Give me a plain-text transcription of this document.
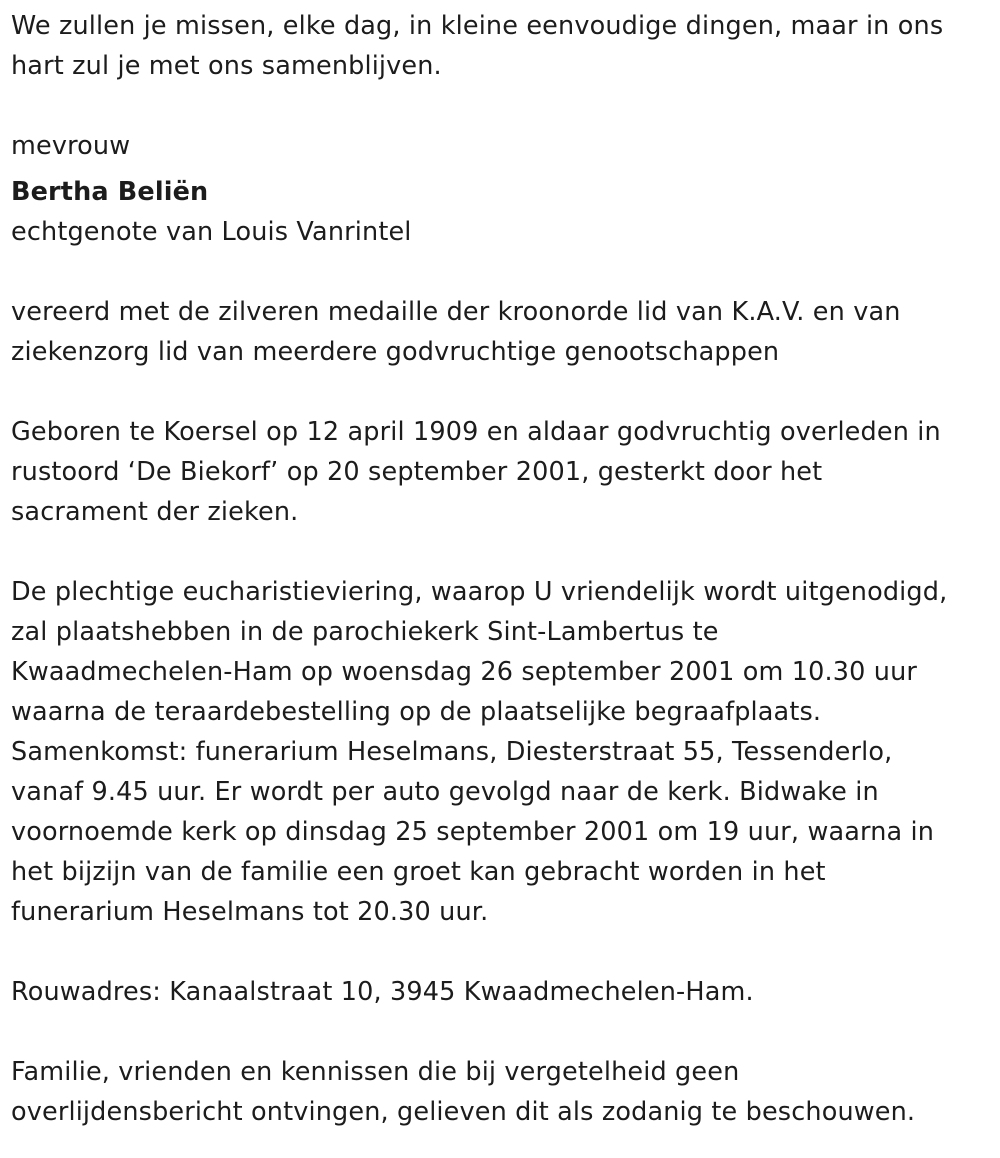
We zullen je missen, elke dag, in kleine eenvoudige dingen, maar in ons
hart zul je met ons samenblijven.

mevrouw

Bertha Beliën

echtgenote van Louis Vanrintel

vereerd met de zilveren medaille der kroonorde lid van K.A.V. en van
ziekenzorg lid van meerdere godvruchtige genootschappen

Geboren te Koersel op 12 april 1909 en aldaar godvruchtig overleden in
rustoord ‘De Biekorf’ op 20 september 2001, gesterkt door het
sacrament der zieken.

De plechtige eucharistieviering, waarop U vriendelijk wordt uitgenodigd,
zal plaatshebben in de parochiekerk Sint-Lambertus te
Kwaadmechelen-Ham op woensdag 26 september 2001 om 10.30 uur
waarna de teraardebestelling op de plaatselijke begraafplaats.
Samenkomst: funerarium Heselmans, Diesterstraat 55, Tessenderlo,
vanaf 9.45 uur. Er wordt per auto gevolgd naar de kerk. Bidwake in
voornoemde kerk op dinsdag 25 september 2001 om 19 uur, waarna in
het bijzijn van de familie een groet kan gebracht worden in het
funerarium Heselmans tot 20.30 uur.

Rouwadres: Kanaalstraat 10, 3945 Kwaadmechelen-Ham.

Familie, vrienden en kennissen die bij vergetelheid geen
overlijdensbericht ontvingen, gelieven dit als zodanig te beschouwen.
